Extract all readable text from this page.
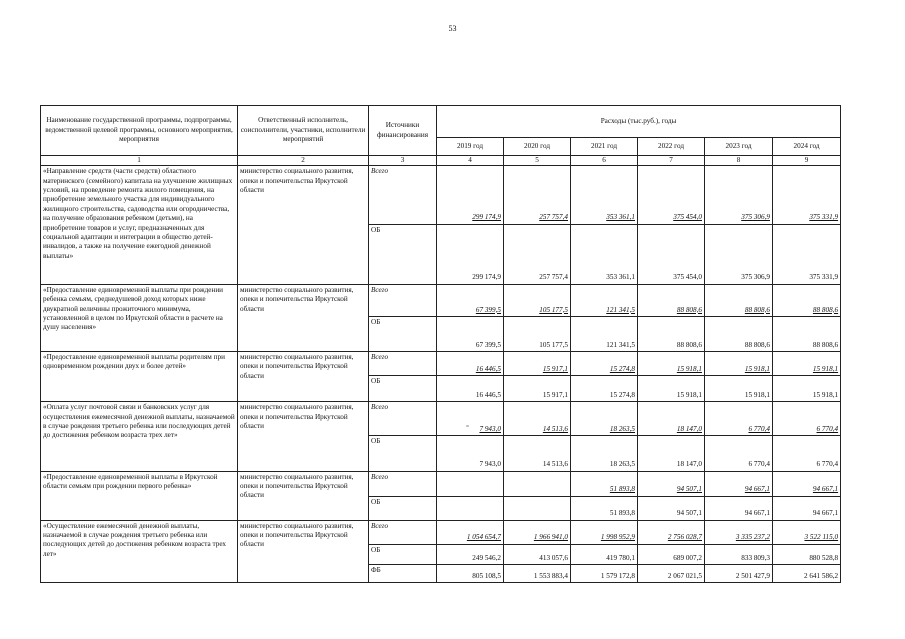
53
Наименование государственной программы, подпрограммы, ведомственной целевой программы, основного мероприятия, мероприятия	Ответственный исполнитель, соисполнители, участники, исполнители мероприятий	Источники финансирования	Расходы (тыс.руб.), годы					
			2019 год	2020 год	2021 год	2022 год	2023 год	2024 год
1	2	3	4	5	6	7	8	9
«Направление средств (части средств) областного материнского (семейного) капитала на улучшение жилищных условий, на проведение ремонта жилого помещения, на приобретение земельного участка для индивидуального жилищного строительства, садоводства или огородничества, на получение образования ребенком (детьми), на приобретение товаров и услуг, предназначенных для социальной адаптации и интеграции в общество детей-инвалидов, а также на получение ежегодной денежной выплаты»	министерство социального развития, опеки и попечительства Иркутской области	Всего	299 174,9	257 757,4	353 361,1	375 454,0	375 306,9	375 331,9
		ОБ	299 174,9	257 757,4	353 361,1	375 454,0	375 306,9	375 331,9
«Предоставление единовременной выплаты при рождении ребенка семьям, среднедушевой доход которых ниже двукратной величины прожиточного минимума, установленной в целом по Иркутской области в расчете на душу населения»	министерство социального развития, опеки и попечительства Иркутской области	Всего	67 399,5	105 177,5	121 341,5	88 808,6	88 808,6	88 808,6
		ОБ	67 399,5	105 177,5	121 341,5	88 808,6	88 808,6	88 808,6
«Предоставление единовременной выплаты родителям при одновременном рождении двух и более детей»	министерство социального развития, опеки и попечительства Иркутской области	Всего	16 446,5	15 917,1	15 274,8	15 918,1	15 918,1	15 918,1
		ОБ	16 446,5	15 917,1	15 274,8	15 918,1	15 918,1	15 918,1
«Оплата услуг почтовой связи и банковских услуг для осуществления ежемесячной денежной выплаты, назначаемой в случае рождения третьего ребенка или последующих детей до достижения ребенком возраста трех лет»	министерство социального развития, опеки и попечительства Иркутской области	Всего	7 943,0	14 513,6	18 263,5	18 147,0	6 770,4	6 770,4
		ОБ	7 943,0	14 513,6	18 263,5	18 147,0	6 770,4	6 770,4
«Предоставление единовременной выплаты в Иркутской области семьям при рождении первого ребенка»	министерство социального развития, опеки и попечительства Иркутской области	Всего			51 893,8	94 507,1	94 667,1	94 667,1
		ОБ			51 893,8	94 507,1	94 667,1	94 667,1
«Осуществление ежемесячной денежной выплаты, назначаемой в случае рождения третьего ребенка или последующих детей до достижения ребенком возраста трех лет»	министерство социального развития, опеки и попечительства Иркутской области	Всего	1 054 654,7	1 966 941,0	1 998 952,9	2 756 028,7	3 335 237,2	3 522 115,0
		ОБ	249 546,2	413 057,6	419 780,1	689 007,2	833 809,3	880 528,8
		ФБ	805 108,5	1 553 883,4	1 579 172,8	2 067 021,5	2 501 427,9	2 641 586,2
